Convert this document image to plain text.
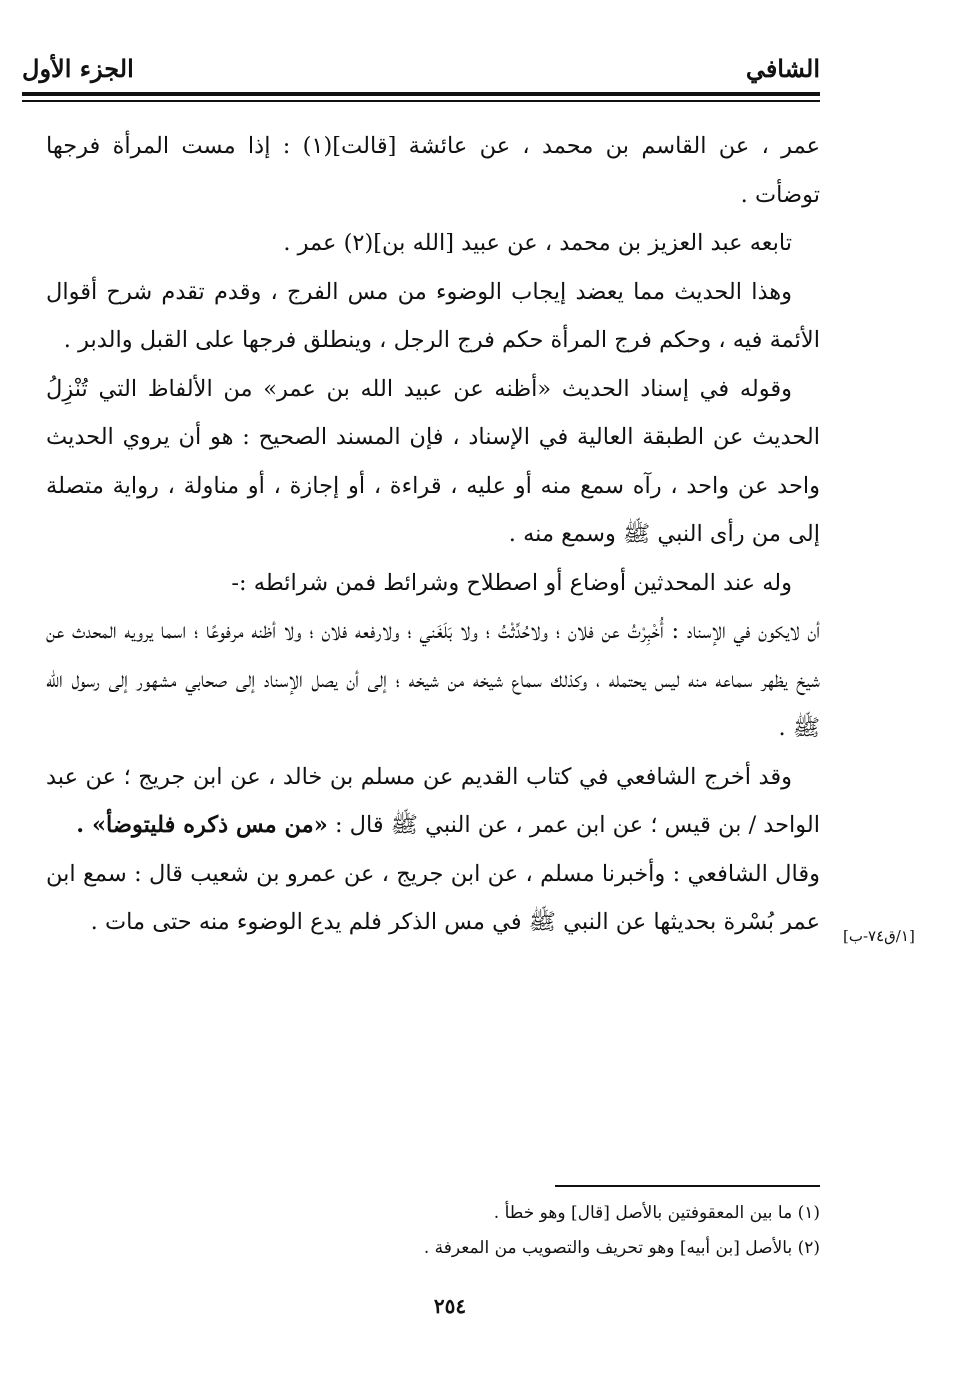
الشافي
الجزء الأول

عمر ، عن القاسم بن محمد ، عن عائشة [قالت](١) : إذا مست المرأة فرجها توضأت .

تابعه عبد العزيز بن محمد ، عن عبيد [الله بن](٢) عمر .

وهذا الحديث مما يعضد إيجاب الوضوء من مس الفرج ، وقدم تقدم شرح أقوال الأئمة فيه ، وحكم فرج المرأة حكم فرج الرجل ، وينطلق فرجها على القبل والدبر .

وقوله في إسناد الحديث «أظنه عن عبيد الله بن عمر» من الألفاظ التي تُنْزِلُ الحديث عن الطبقة العالية في الإسناد ، فإن المسند الصحيح : هو أن يروي الحديث واحد عن واحد ، رآه سمع منه أو عليه ، قراءة ، أو إجازة ، أو مناولة ، رواية متصلة إلى من رأى النبي ﷺ وسمع منه .

وله عند المحدثين أوضاع أو اصطلاح وشرائط فمن شرائطه :-

أن لايكون في الإسناد : أُخْبِرْتُ عن فلان ؛ ولاحُدِّثْتُ ؛ ولا بَلَغَني ؛ ولارفعه فلان ؛ ولا أظنه مرفوعًا ؛ اسما يرويه المحدث عن شيخ يظهر سماعه منه ليس يحتمله ، وكذلك سماع شيخه من شيخه ؛ إلى أن يصل الإسناد إلى صحابي مشهور إلى رسول الله ﷺ .

وقد أخرج الشافعي في كتاب القديم عن مسلم بن خالد ، عن ابن جريج ؛ عن عبد الواحد / بن قيس ؛ عن ابن عمر ، عن النبي ﷺ قال : «من مس ذكره فليتوضأ» .

وقال الشافعي : وأخبرنا مسلم ، عن ابن جريج ، عن عمرو بن شعيب قال : سمع ابن عمر بُسْرة بحديثها عن النبي ﷺ في مس الذكر فلم يدع الوضوء منه حتى مات .

[١/ق٧٤-ب]

(١) ما بين المعقوفتين بالأصل [قال] وهو خطأ .

(٢) بالأصل [بن أبيه] وهو تحريف والتصويب من المعرفة .

٢٥٤
